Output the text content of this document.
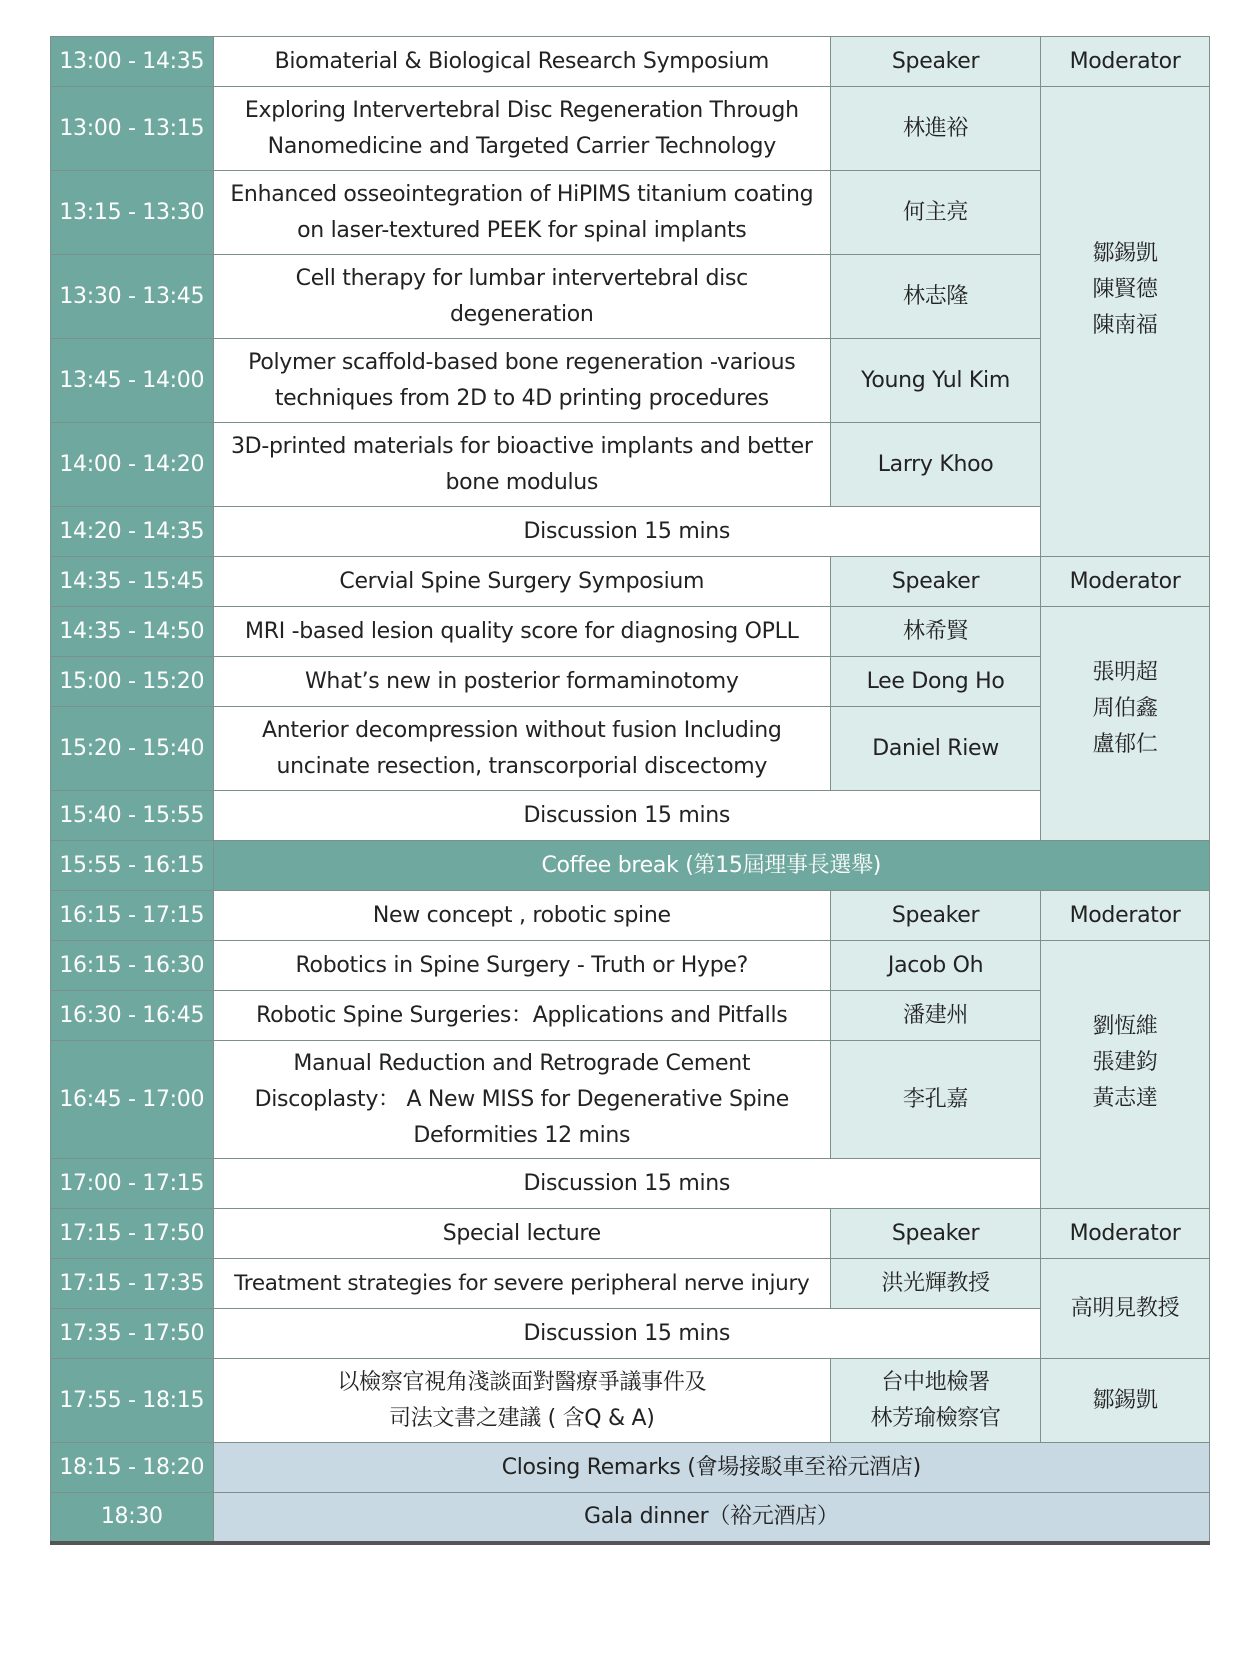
13:00 - 14:35	Biomaterial & Biological Research Symposium	Speaker	Moderator
13:00 - 13:15	Exploring Intervertebral Disc Regeneration Through
Nanomedicine and Targeted Carrier Technology	林進裕	鄒錫凱
陳賢德
陳南福

13:15 - 13:30	Enhanced osseointegration of HiPIMS titanium coating
on laser-textured PEEK for spinal implants	何主亮	
13:30 - 13:45	Cell therapy for lumbar intervertebral disc
degeneration	林志隆	
13:45 - 14:00	Polymer scaffold-based bone regeneration -various
techniques from 2D to 4D printing procedures	Young Yul Kim	
14:00 - 14:20	3D-printed materials for bioactive implants and better
bone modulus	Larry Khoo	
14:20 - 14:35	Discussion 15 mins		
14:35 - 15:45	Cervial Spine Surgery Symposium	Speaker	Moderator
14:35 - 14:50	MRI -based lesion quality score for diagnosing OPLL	林希賢	張明超
周伯鑫
盧郁仁

15:00 - 15:20	What’s new in posterior formaminotomy	Lee Dong Ho	
15:20 - 15:40	Anterior decompression without fusion Including
uncinate resection, transcorporial discectomy	Daniel Riew	
15:40 - 15:55	Discussion 15 mins		
15:55 - 16:15	Coffee break (第15屆理事長選舉)		
16:15 - 17:15	New concept , robotic spine	Speaker	Moderator
16:15 - 16:30	Robotics in Spine Surgery - Truth or Hype?	Jacob Oh	劉恆維
張建鈞
黃志達

16:30 - 16:45	Robotic Spine Surgeries：Applications and Pitfalls	潘建州	
16:45 - 17:00	Manual Reduction and Retrograde Cement
Discoplasty： A New MISS for Degenerative Spine
Deformities 12 mins	李孔嘉	
17:00 - 17:15	Discussion 15 mins		
17:15 - 17:50	Special lecture	Speaker	Moderator
17:15 - 17:35	Treatment strategies for severe peripheral nerve injury	洪光輝教授	高明見教授
17:35 - 17:50	Discussion 15 mins		
17:55 - 18:15	以檢察官視角淺談面對醫療爭議事件及
司法文書之建議 ( 含Q & A)	台中地檢署
林芳瑜檢察官	鄒錫凱
18:15 - 18:20	Closing Remarks (會場接駁車至裕元酒店)		
18:30	Gala dinner（裕元酒店）		
